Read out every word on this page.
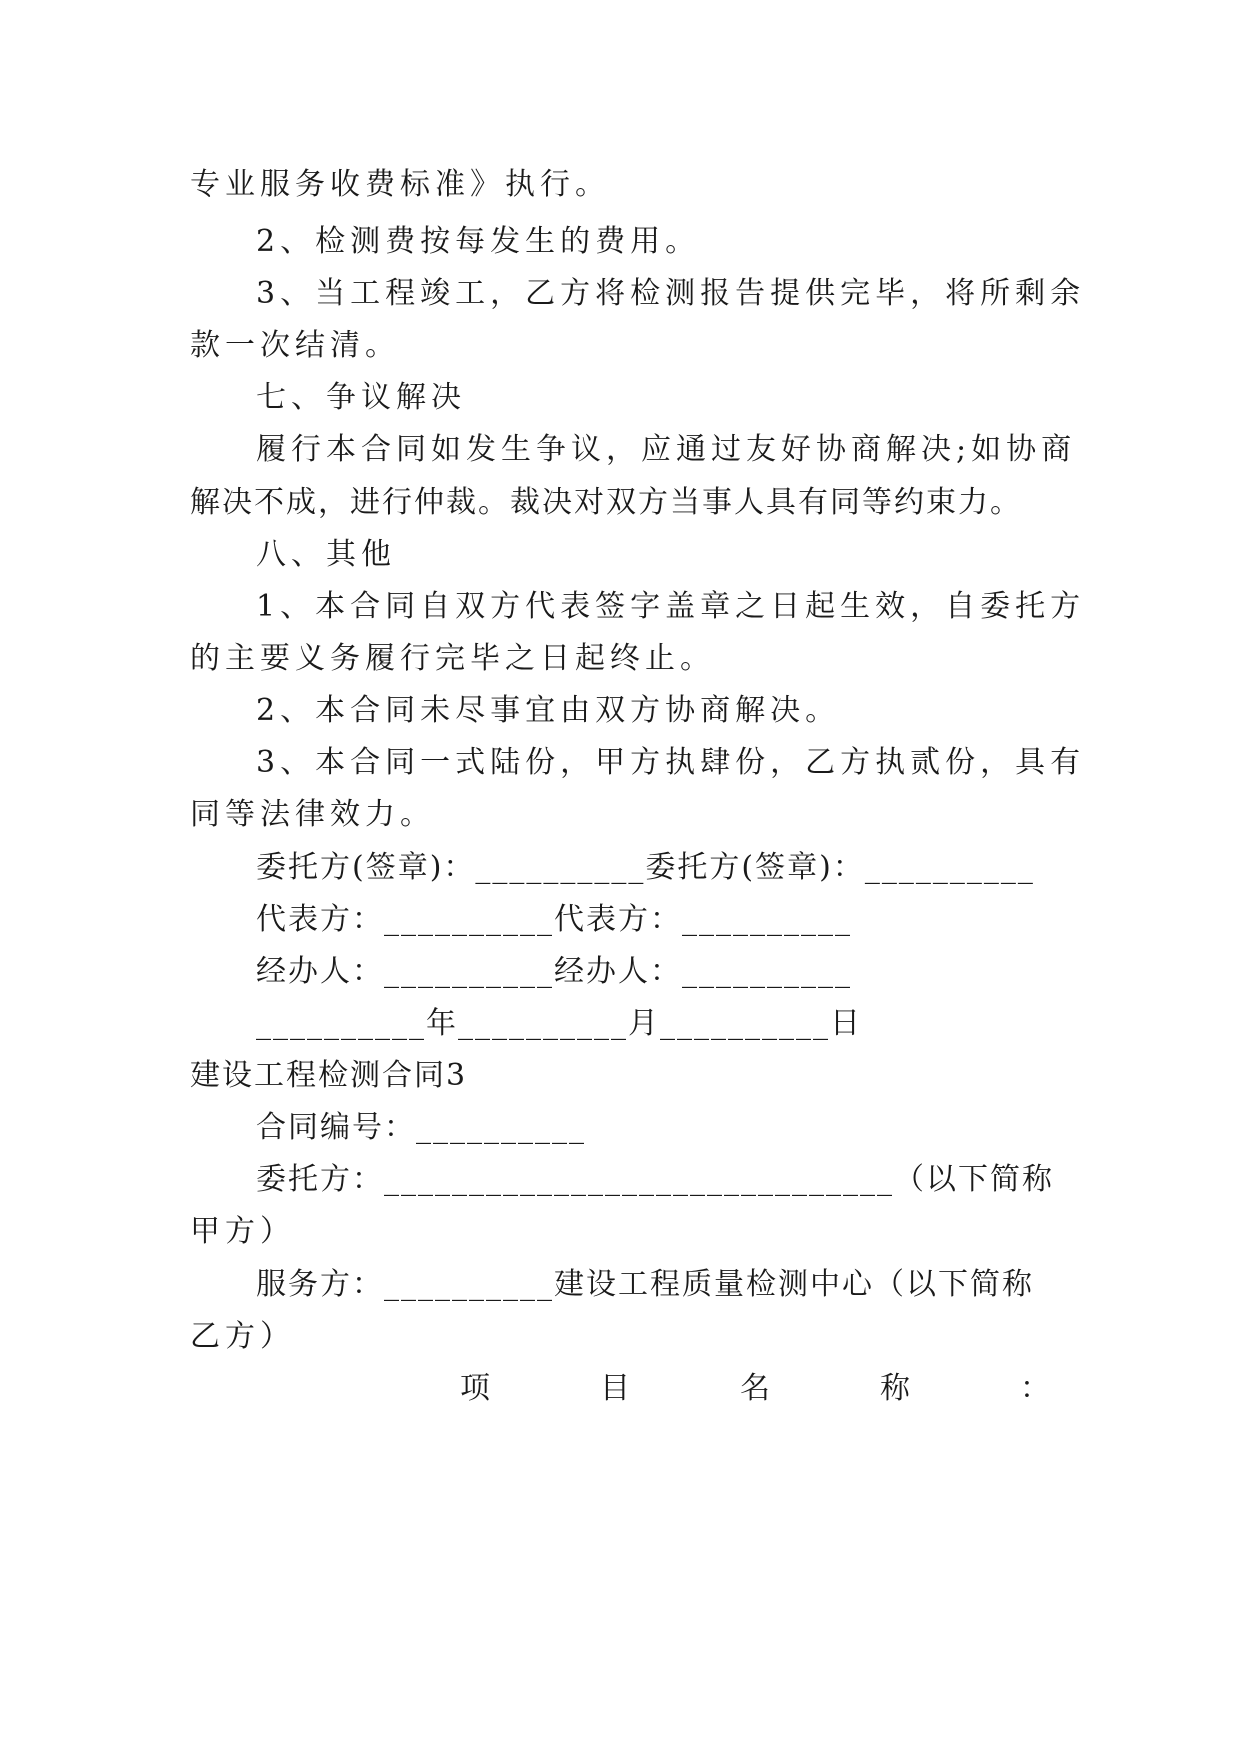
专业服务收费标准》执行。
2、检测费按每发生的费用。
3、当工程竣工，乙方将检测报告提供完毕，将所剩余
款一次结清。
七、争议解决
履行本合同如发生争议，应通过友好协商解决;如协商
解决不成，进行仲裁。裁决对双方当事人具有同等约束力。
八、其他
1、本合同自双方代表签字盖章之日起生效，自委托方
的主要义务履行完毕之日起终止。
2、本合同未尽事宜由双方协商解决。
3、本合同一式陆份，甲方执肆份，乙方执贰份，具有
同等法律效力。
委托方(签章)：__________委托方(签章)：__________
代表方：__________代表方：__________
经办人：__________经办人：__________
__________年__________月__________日
建设工程检测合同3
合同编号：__________
委托方：______________________________（以下简称
甲方）
服务方：__________建设工程质量检测中心（以下简称
乙方）
项	目	名	称	：
